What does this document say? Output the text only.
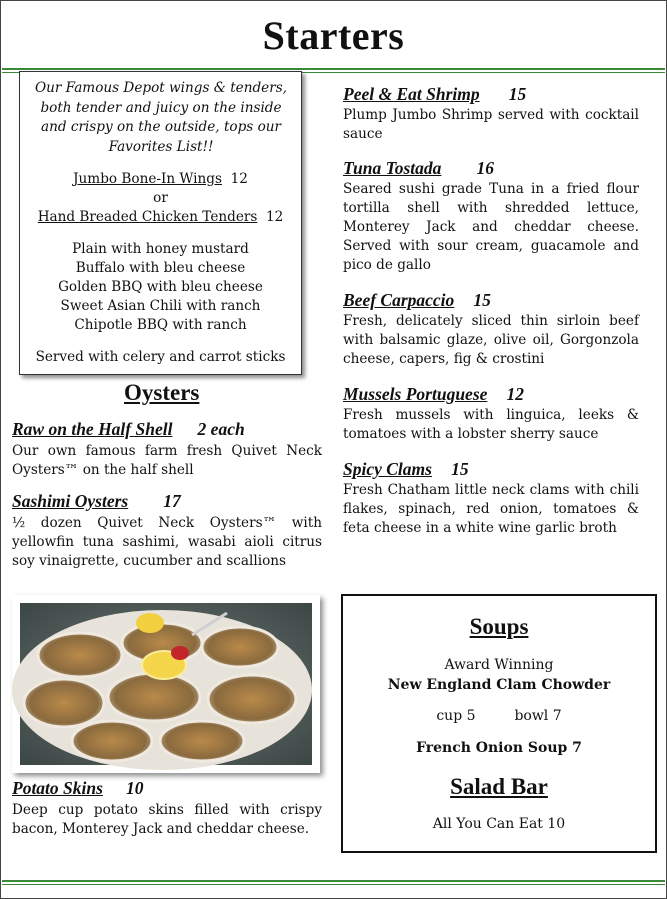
Starters
Our Famous Depot wings & tenders, both tender and juicy on the inside and crispy on the outside, tops our Favorites List!!
Jumbo Bone-In Wings 12
or
Hand Breaded Chicken Tenders 12
Plain with honey mustard
Buffalo with bleu cheese
Golden BBQ with bleu cheese
Sweet Asian Chili with ranch
Chipotle BBQ with ranch
Served with celery and carrot sticks
Oysters
Raw on the Half Shell 2 each
Our own famous farm fresh Quivet Neck Oysters™ on the half shell
Sashimi Oysters 17
½ dozen Quivet Neck Oysters™ with yellowfin tuna sashimi, wasabi aioli citrus soy vinaigrette, cucumber and scallions
Peel & Eat Shrimp 15
Plump Jumbo Shrimp served with cocktail sauce
Tuna Tostada 16
Seared sushi grade Tuna in a fried flour tortilla shell with shredded lettuce, Monterey Jack and cheddar cheese. Served with sour cream, guacamole and pico de gallo
Beef Carpaccio 15
Fresh, delicately sliced thin sirloin beef with balsamic glaze, olive oil, Gorgonzola cheese, capers, fig & crostini
Mussels Portuguese 12
Fresh mussels with linguica, leeks & tomatoes with a lobster sherry sauce
Spicy Clams 15
Fresh Chatham little neck clams with chili flakes, spinach, red onion, tomatoes & feta cheese in a white wine garlic broth
Potato Skins 10
Deep cup potato skins filled with crispy bacon, Monterey Jack and cheddar cheese.
Soups
Award Winning
New England Clam Chowder
cup 5	bowl 7
French Onion Soup 7
Salad Bar
All You Can Eat 10
